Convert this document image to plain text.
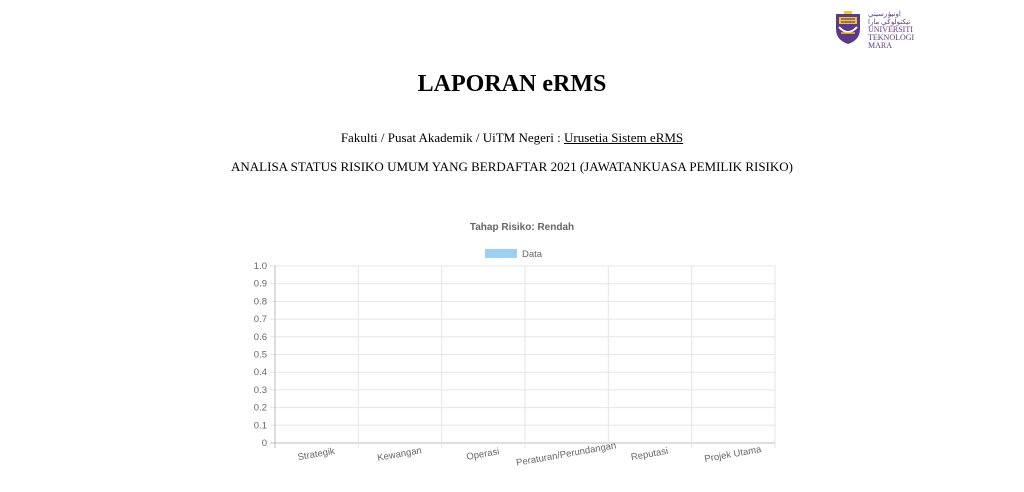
اونيۏرسيتي تيكنولوݢي مارا
UNIVERSITI
TEKNOLOGI
MARA
LAPORAN eRMS
Fakulti / Pusat Akademik / UiTM Negeri : Urusetia Sistem eRMS
ANALISA STATUS RISIKO UMUM YANG BERDAFTAR 2021 (JAWATANKUASA PEMILIK RISIKO)
Tahap Risiko: Rendah
Data
1.0
0.9
0.8
0.7
0.6
0.5
0.4
0.3
0.2
0.1
0
Strategik	Kewangan	Operasi Peraturan/Perundangan Reputasi	Projek Utama
